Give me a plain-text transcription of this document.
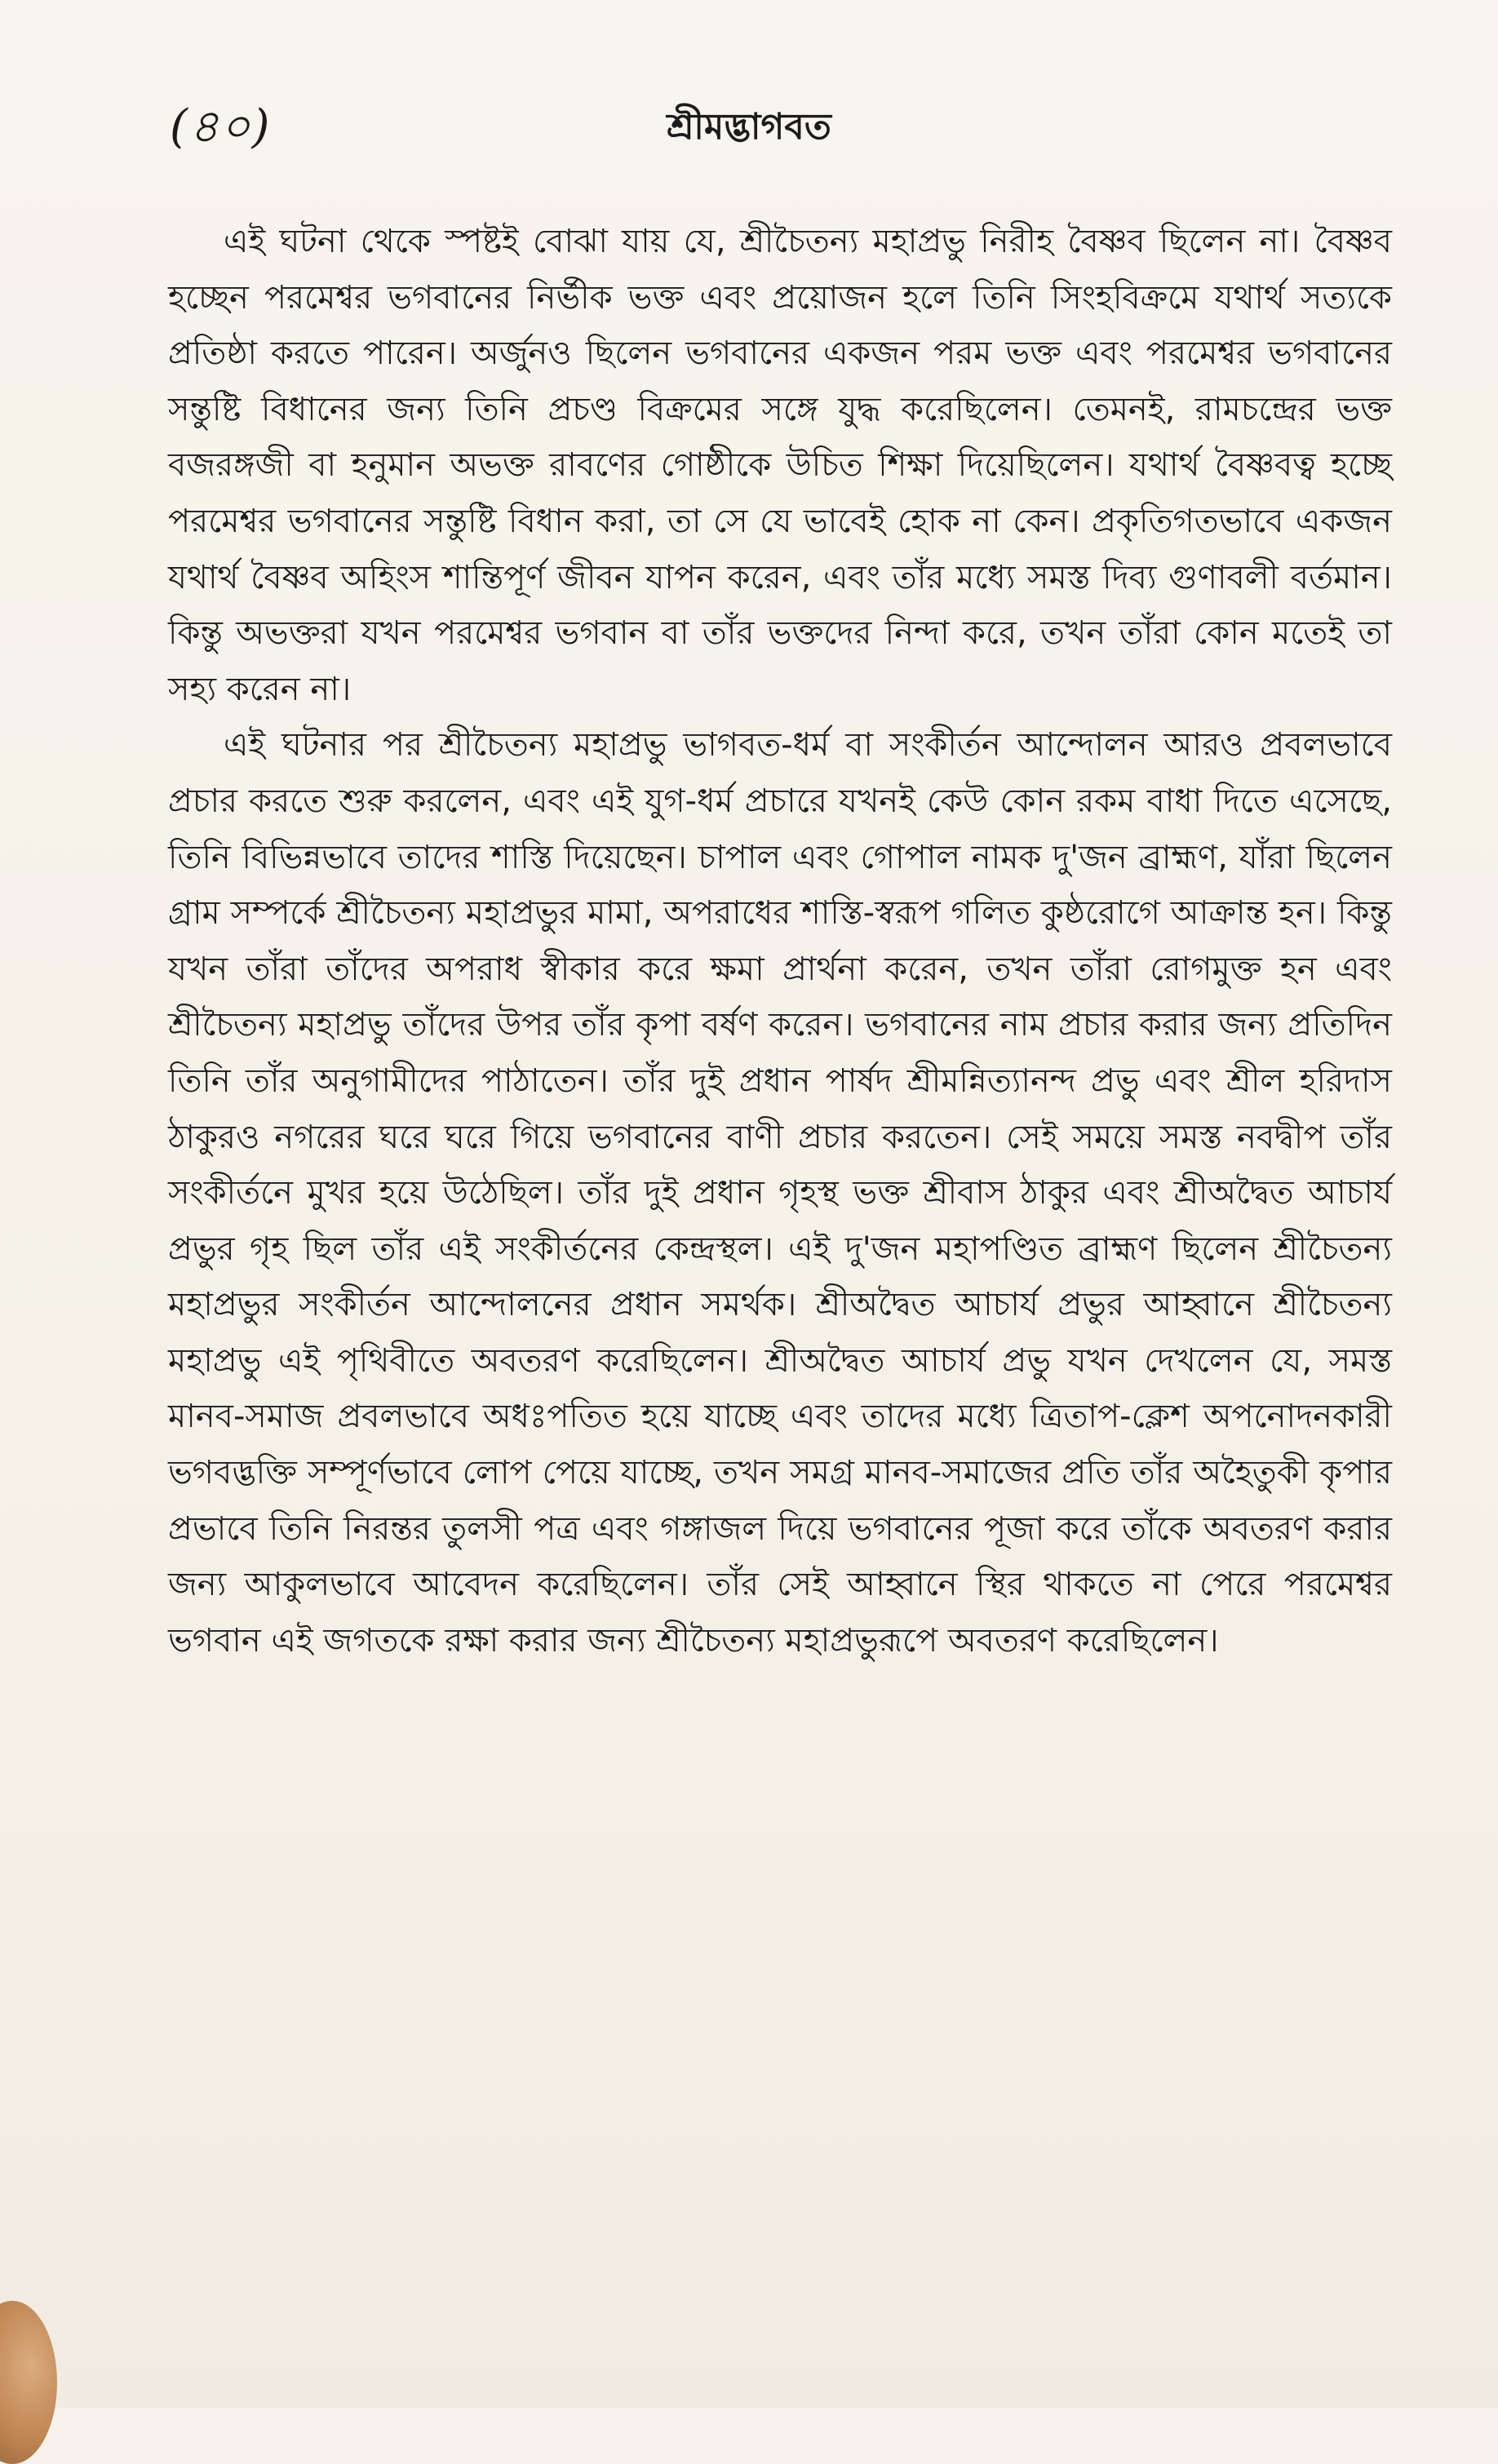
(৪০)	শ্রীমদ্ভাগবত

এই ঘটনা থেকে স্পষ্টই বোঝা যায় যে, শ্রীচৈতন্য মহাপ্রভু নিরীহ বৈষ্ণব ছিলেন না। বৈষ্ণব হচ্ছেন পরমেশ্বর ভগবানের নির্ভীক ভক্ত এবং প্রয়োজন হলে তিনি সিংহবিক্রমে যথার্থ সত্যকে প্রতিষ্ঠা করতে পারেন। অর্জুনও ছিলেন ভগবানের একজন পরম ভক্ত এবং পরমেশ্বর ভগবানের সন্তুষ্টি বিধানের জন্য তিনি প্রচণ্ড বিক্রমের সঙ্গে যুদ্ধ করেছিলেন। তেমনই, রামচন্দ্রের ভক্ত বজরঙ্গজী বা হনুমান অভক্ত রাবণের গোষ্ঠীকে উচিত শিক্ষা দিয়েছিলেন। যথার্থ বৈষ্ণবত্ব হচ্ছে পরমেশ্বর ভগবানের সন্তুষ্টি বিধান করা, তা সে যে ভাবেই হোক না কেন। প্রকৃতিগতভাবে একজন যথার্থ বৈষ্ণব অহিংস শান্তিপূর্ণ জীবন যাপন করেন, এবং তাঁর মধ্যে সমস্ত দিব্য গুণাবলী বর্তমান। কিন্তু অভক্তরা যখন পরমেশ্বর ভগবান বা তাঁর ভক্তদের নিন্দা করে, তখন তাঁরা কোন মতেই তা সহ্য করেন না।

এই ঘটনার পর শ্রীচৈতন্য মহাপ্রভু ভাগবত-ধর্ম বা সংকীর্তন আন্দোলন আরও প্রবলভাবে প্রচার করতে শুরু করলেন, এবং এই যুগ-ধর্ম প্রচারে যখনই কেউ কোন রকম বাধা দিতে এসেছে, তিনি বিভিন্নভাবে তাদের শাস্তি দিয়েছেন। চাপাল এবং গোপাল নামক দু'জন ব্রাহ্মণ, যাঁরা ছিলেন গ্রাম সম্পর্কে শ্রীচৈতন্য মহাপ্রভুর মামা, অপরাধের শাস্তি-স্বরূপ গলিত কুষ্ঠরোগে আক্রান্ত হন। কিন্তু যখন তাঁরা তাঁদের অপরাধ স্বীকার করে ক্ষমা প্রার্থনা করেন, তখন তাঁরা রোগমুক্ত হন এবং শ্রীচৈতন্য মহাপ্রভু তাঁদের উপর তাঁর কৃপা বর্ষণ করেন। ভগবানের নাম প্রচার করার জন্য প্রতিদিন তিনি তাঁর অনুগামীদের পাঠাতেন। তাঁর দুই প্রধান পার্ষদ শ্রীমন্নিত্যানন্দ প্রভু এবং শ্রীল হরিদাস ঠাকুরও নগরের ঘরে ঘরে গিয়ে ভগবানের বাণী প্রচার করতেন। সেই সময়ে সমস্ত নবদ্বীপ তাঁর সংকীর্তনে মুখর হয়ে উঠেছিল। তাঁর দুই প্রধান গৃহস্থ ভক্ত শ্রীবাস ঠাকুর এবং শ্রীঅদ্বৈত আচার্য প্রভুর গৃহ ছিল তাঁর এই সংকীর্তনের কেন্দ্রস্থল। এই দু'জন মহাপণ্ডিত ব্রাহ্মণ ছিলেন শ্রীচৈতন্য মহাপ্রভুর সংকীর্তন আন্দোলনের প্রধান সমর্থক। শ্রীঅদ্বৈত আচার্য প্রভুর আহ্বানে শ্রীচৈতন্য মহাপ্রভু এই পৃথিবীতে অবতরণ করেছিলেন। শ্রীঅদ্বৈত আচার্য প্রভু যখন দেখলেন যে, সমস্ত মানব-সমাজ প্রবলভাবে অধঃপতিত হয়ে যাচ্ছে এবং তাদের মধ্যে ত্রিতাপ-ক্লেশ অপনোদনকারী ভগবদ্ভক্তি সম্পূর্ণভাবে লোপ পেয়ে যাচ্ছে, তখন সমগ্র মানব-সমাজের প্রতি তাঁর অহৈতুকী কৃপার প্রভাবে তিনি নিরন্তর তুলসী পত্র এবং গঙ্গাজল দিয়ে ভগবানের পূজা করে তাঁকে অবতরণ করার জন্য আকুলভাবে আবেদন করেছিলেন। তাঁর সেই আহ্বানে স্থির থাকতে না পেরে পরমেশ্বর ভগবান এই জগতকে রক্ষা করার জন্য শ্রীচৈতন্য মহাপ্রভুরূপে অবতরণ করেছিলেন।
